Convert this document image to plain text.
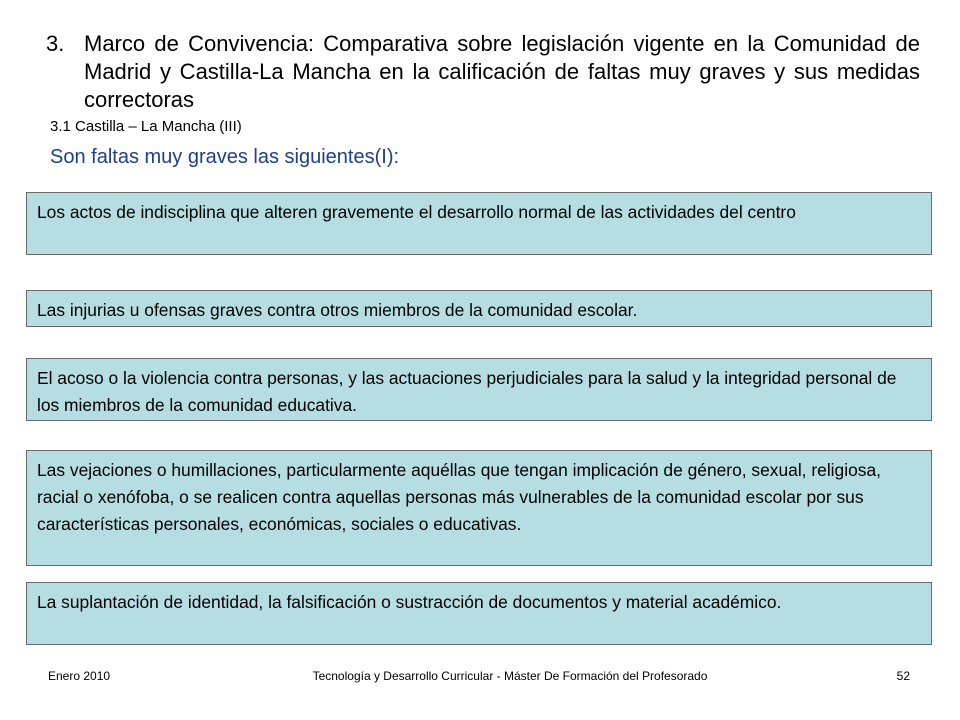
3. Marco de Convivencia: Comparativa sobre legislación vigente en la Comunidad de Madrid y Castilla-La Mancha en la calificación de faltas muy graves y sus medidas correctoras
3.1 Castilla – La Mancha (III)
Son faltas muy graves las siguientes(I):
Los actos de indisciplina que alteren gravemente el desarrollo normal de las actividades del centro
Las injurias u ofensas graves contra otros miembros de la comunidad escolar.
El acoso o la violencia contra personas, y las actuaciones perjudiciales para la salud y la integridad personal de los miembros de la comunidad educativa.
Las vejaciones o humillaciones, particularmente aquéllas que tengan implicación de género, sexual, religiosa, racial o xenófoba, o se realicen contra aquellas personas más vulnerables de la comunidad escolar por sus características personales, económicas, sociales o educativas.
La suplantación de identidad, la falsificación o sustracción de documentos y material académico.
Enero 2010	Tecnología y Desarrollo Curricular - Máster De Formación del Profesorado	52
